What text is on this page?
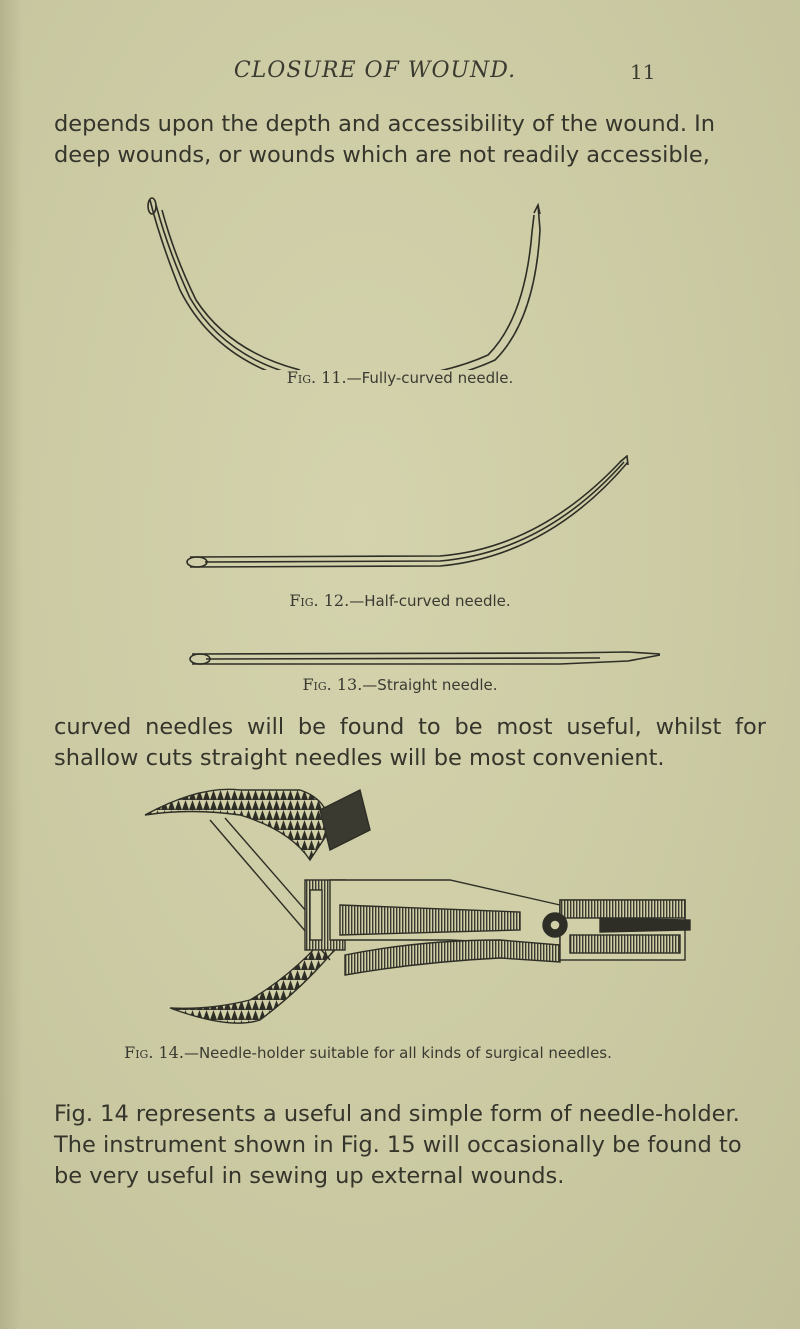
CLOSURE OF WOUND.	11
depends upon the depth and accessibility of the wound. In deep wounds, or wounds which are not readily accessible,
Fig. 11.—Fully-curved needle.
Fig. 12.—Half-curved needle.
Fig. 13.—Straight needle.
curved needles will be found to be most useful, whilst for shallow cuts straight needles will be most convenient.
Fig. 14.—Needle-holder suitable for all kinds of surgical needles.
Fig. 14 represents a useful and simple form of needle-holder. The instrument shown in Fig. 15 will occasionally be found to be very useful in sewing up external wounds.
